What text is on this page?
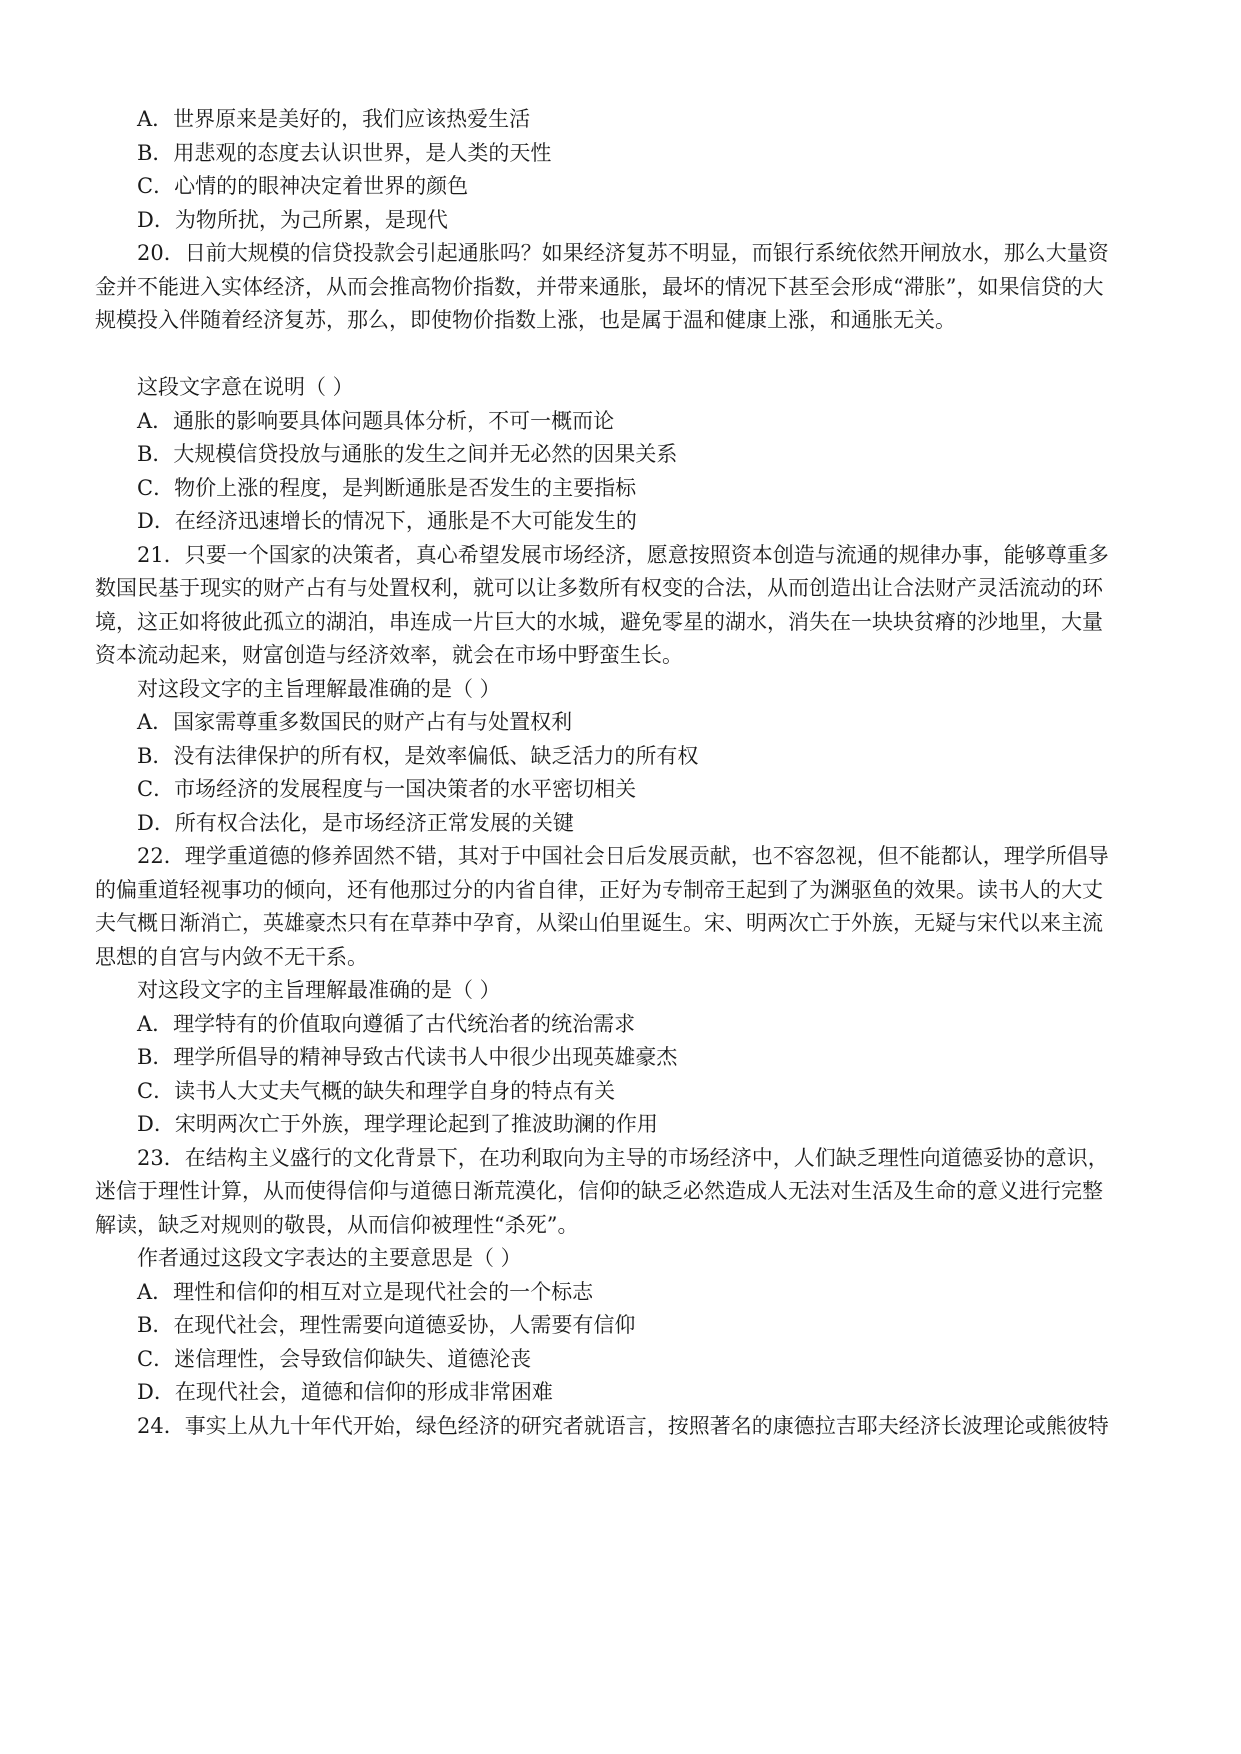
A．世界原来是美好的，我们应该热爱生活
B．用悲观的态度去认识世界，是人类的天性
C．心情的的眼神决定着世界的颜色
D．为物所扰，为己所累，是现代
20．日前大规模的信贷投款会引起通胀吗？如果经济复苏不明显，而银行系统依然开闸放水，那么大量资
金并不能进入实体经济，从而会推高物价指数，并带来通胀，最坏的情况下甚至会形成“滞胀”，如果信贷的大
规模投入伴随着经济复苏，那么，即使物价指数上涨，也是属于温和健康上涨，和通胀无关。
这段文字意在说明（ ）
A．通胀的影响要具体问题具体分析，不可一概而论
B．大规模信贷投放与通胀的发生之间并无必然的因果关系
C．物价上涨的程度，是判断通胀是否发生的主要指标
D．在经济迅速增长的情况下，通胀是不大可能发生的
21．只要一个国家的决策者，真心希望发展市场经济，愿意按照资本创造与流通的规律办事，能够尊重多
数国民基于现实的财产占有与处置权利，就可以让多数所有权变的合法，从而创造出让合法财产灵活流动的环
境，这正如将彼此孤立的湖泊，串连成一片巨大的水城，避免零星的湖水，消失在一块块贫瘠的沙地里，大量
资本流动起来，财富创造与经济效率，就会在市场中野蛮生长。
对这段文字的主旨理解最准确的是（ ）
A．国家需尊重多数国民的财产占有与处置权利
B．没有法律保护的所有权，是效率偏低、缺乏活力的所有权
C．市场经济的发展程度与一国决策者的水平密切相关
D．所有权合法化，是市场经济正常发展的关键
22．理学重道德的修养固然不错，其对于中国社会日后发展贡献，也不容忽视，但不能都认，理学所倡导
的偏重道轻视事功的倾向，还有他那过分的内省自律，正好为专制帝王起到了为渊驱鱼的效果。读书人的大丈
夫气概日渐消亡，英雄豪杰只有在草莽中孕育，从梁山伯里诞生。宋、明两次亡于外族，无疑与宋代以来主流
思想的自宫与内敛不无干系。
对这段文字的主旨理解最准确的是（ ）
A．理学特有的价值取向遵循了古代统治者的统治需求
B．理学所倡导的精神导致古代读书人中很少出现英雄豪杰
C．读书人大丈夫气概的缺失和理学自身的特点有关
D．宋明两次亡于外族，理学理论起到了推波助澜的作用
23．在结构主义盛行的文化背景下，在功利取向为主导的市场经济中，人们缺乏理性向道德妥协的意识，
迷信于理性计算，从而使得信仰与道德日渐荒漠化，信仰的缺乏必然造成人无法对生活及生命的意义进行完整
解读，缺乏对规则的敬畏，从而信仰被理性“杀死”。
作者通过这段文字表达的主要意思是（ ）
A．理性和信仰的相互对立是现代社会的一个标志
B．在现代社会，理性需要向道德妥协，人需要有信仰
C．迷信理性，会导致信仰缺失、道德沦丧
D．在现代社会，道德和信仰的形成非常困难
24．事实上从九十年代开始，绿色经济的研究者就语言，按照著名的康德拉吉耶夫经济长波理论或熊彼特
